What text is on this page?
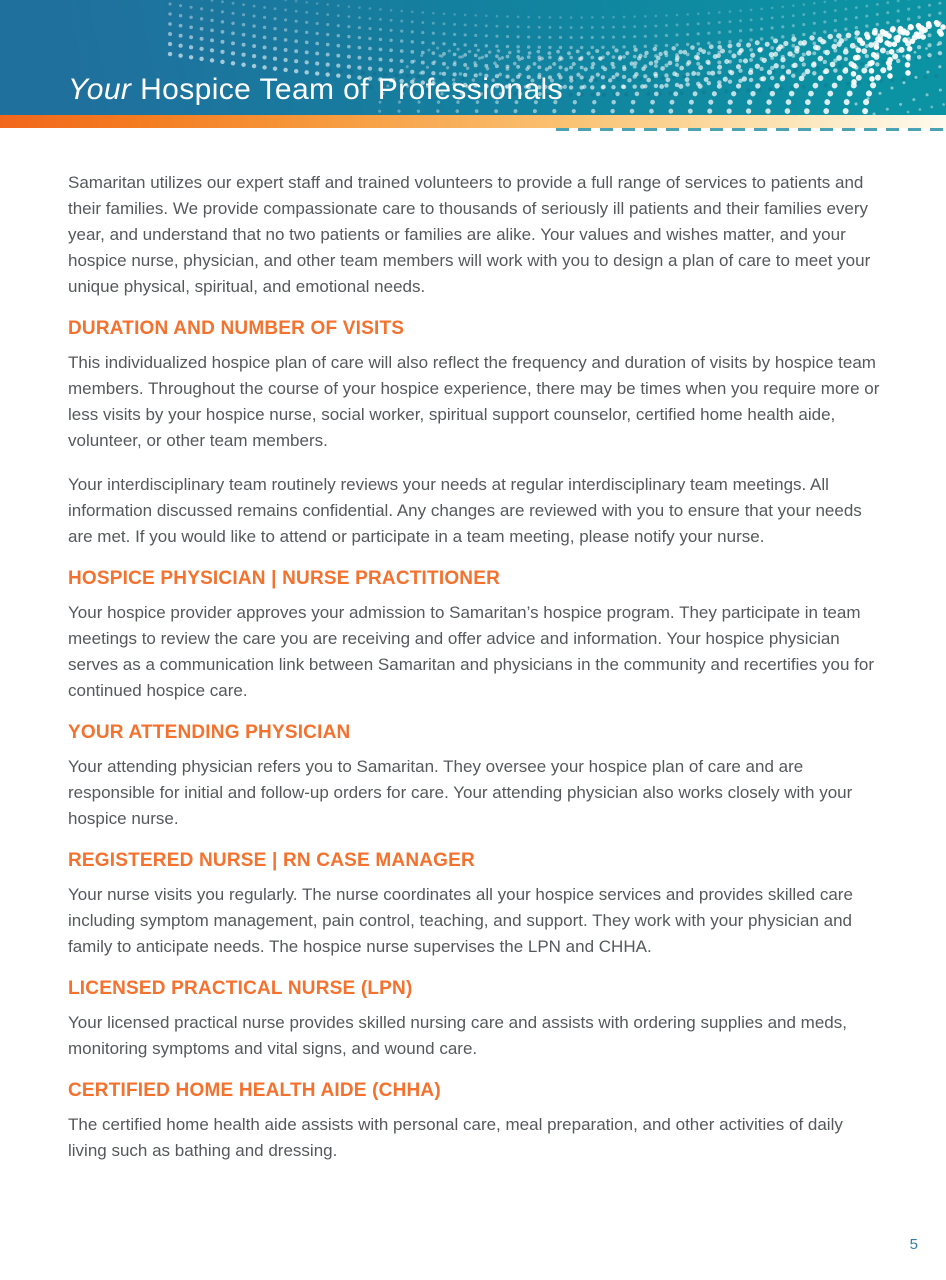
Your Hospice Team of Professionals

Samaritan utilizes our expert staff and trained volunteers to provide a full range of services to patients and their families. We provide compassionate care to thousands of seriously ill patients and their families every year, and understand that no two patients or families are alike. Your values and wishes matter, and your hospice nurse, physician, and other team members will work with you to design a plan of care to meet your unique physical, spiritual, and emotional needs.

DURATION AND NUMBER OF VISITS

This individualized hospice plan of care will also reflect the frequency and duration of visits by hospice team members. Throughout the course of your hospice experience, there may be times when you require more or less visits by your hospice nurse, social worker, spiritual support counselor, certified home health aide, volunteer, or other team members.

Your interdisciplinary team routinely reviews your needs at regular interdisciplinary team meetings. All information discussed remains confidential. Any changes are reviewed with you to ensure that your needs are met. If you would like to attend or participate in a team meeting, please notify your nurse.

HOSPICE PHYSICIAN | NURSE PRACTITIONER

Your hospice provider approves your admission to Samaritan’s hospice program. They participate in team meetings to review the care you are receiving and offer advice and information. Your hospice physician serves as a communication link between Samaritan and physicians in the community and recertifies you for continued hospice care.

YOUR ATTENDING PHYSICIAN

Your attending physician refers you to Samaritan. They oversee your hospice plan of care and are responsible for initial and follow-up orders for care. Your attending physician also works closely with your hospice nurse.

REGISTERED NURSE | RN CASE MANAGER

Your nurse visits you regularly. The nurse coordinates all your hospice services and provides skilled care including symptom management, pain control, teaching, and support. They work with your physician and family to anticipate needs. The hospice nurse supervises the LPN and CHHA.

LICENSED PRACTICAL NURSE (LPN)

Your licensed practical nurse provides skilled nursing care and assists with ordering supplies and meds, monitoring symptoms and vital signs, and wound care.

CERTIFIED HOME HEALTH AIDE (CHHA)

The certified home health aide assists with personal care, meal preparation, and other activities of daily living such as bathing and dressing.

5
